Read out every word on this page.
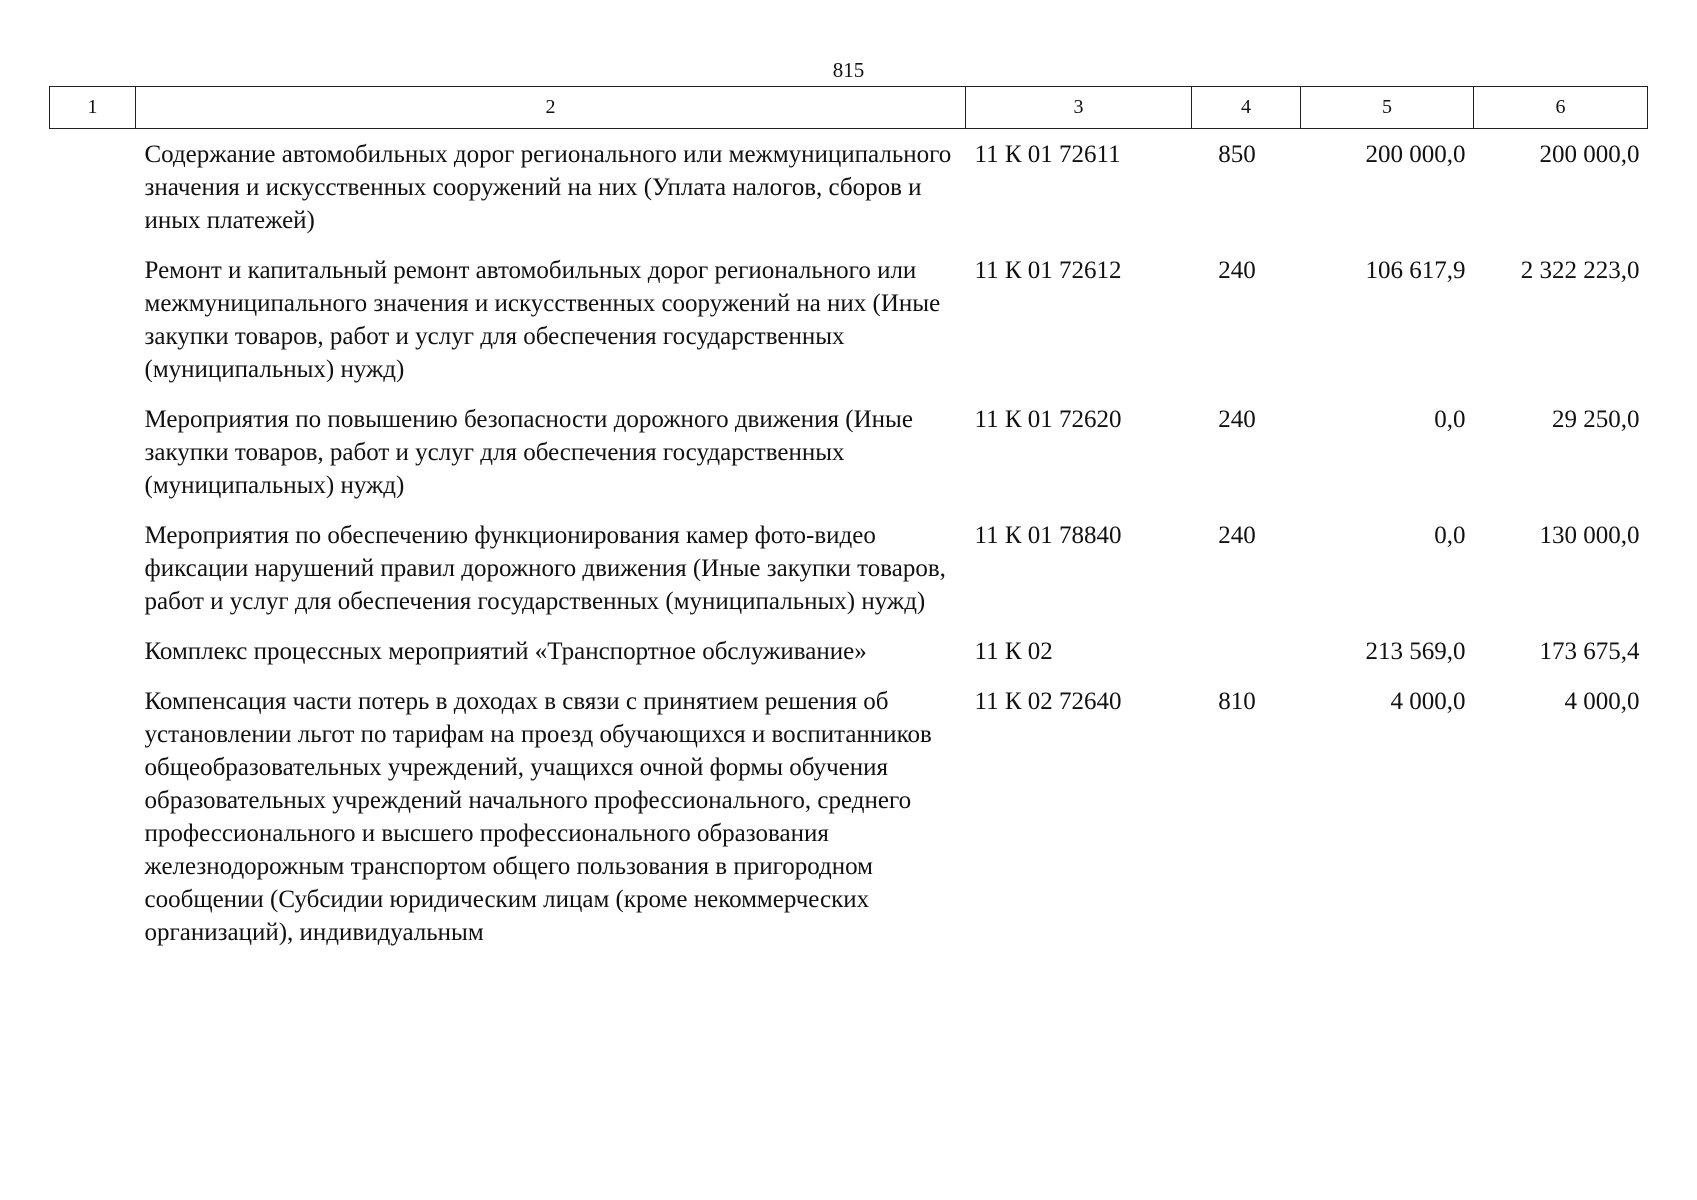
815
1	2	3	4	5	6
	Содержание автомобильных дорог регионального или межмуниципального значения и искусственных сооружений на них (Уплата налогов, сборов и иных платежей)	11 К 01 72611	850	200 000,0	200 000,0
	Ремонт и капитальный ремонт автомобильных дорог регионального или межмуниципального значения и искусственных сооружений на них (Иные закупки товаров, работ и услуг для обеспечения государственных (муниципальных) нужд)	11 К 01 72612	240	106 617,9	2 322 223,0
	Мероприятия по повышению безопасности дорожного движения (Иные закупки товаров, работ и услуг для обеспечения государственных (муниципальных) нужд)	11 К 01 72620	240	0,0	29 250,0
	Мероприятия по обеспечению функционирования камер фото-видео фиксации нарушений правил дорожного движения (Иные закупки товаров, работ и услуг для обеспечения государственных (муниципальных) нужд)	11 К 01 78840	240	0,0	130 000,0
	Комплекс процессных мероприятий «Транспортное обслуживание»	11 К 02		213 569,0	173 675,4
	Компенсация части потерь в доходах в связи с принятием решения об установлении льгот по тарифам на проезд обучающихся и воспитанников общеобразовательных учреждений, учащихся очной формы обучения образовательных учреждений начального профессионального, среднего профессионального и высшего профессионального образования железнодорожным транспортом общего пользования в пригородном сообщении (Субсидии юридическим лицам (кроме некоммерческих организаций), индивидуальным	11 К 02 72640	810	4 000,0	4 000,0
